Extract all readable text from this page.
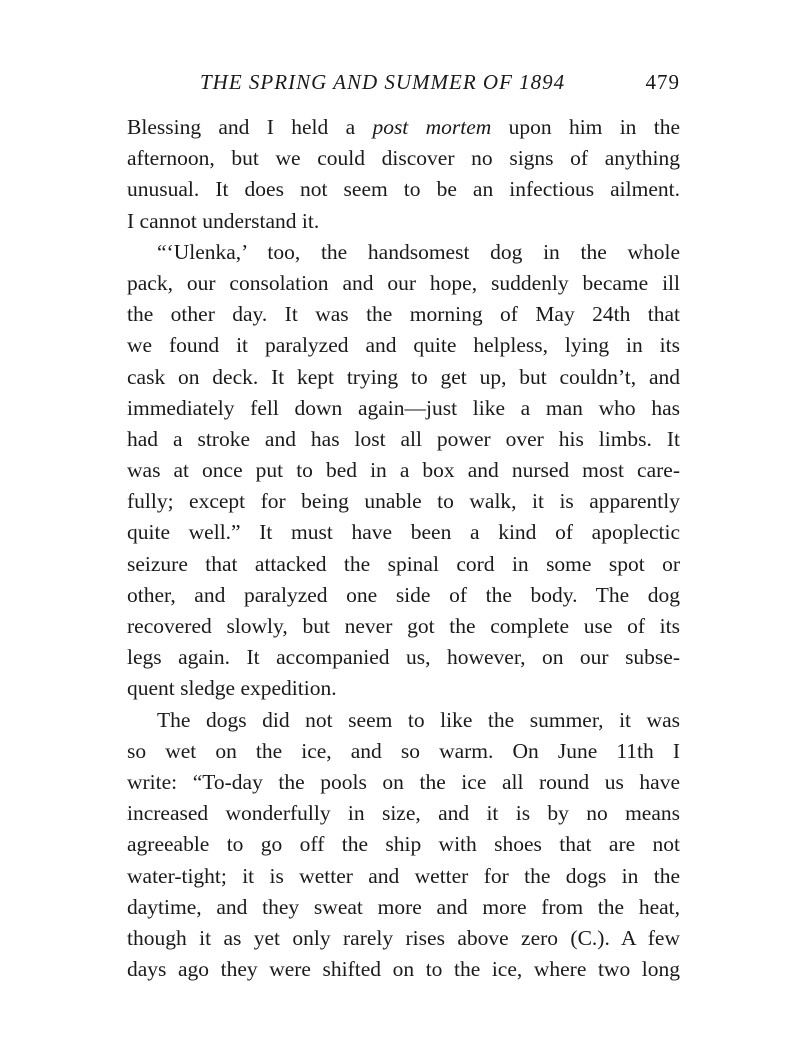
THE SPRING AND SUMMER OF 1894	479
Blessing and I held a post mortem upon him in the
afternoon, but we could discover no signs of anything
unusual. It does not seem to be an infectious ailment.
I cannot understand it.
“‘Ulenka,’ too, the handsomest dog in the whole
pack, our consolation and our hope, suddenly became ill
the other day. It was the morning of May 24th that
we found it paralyzed and quite helpless, lying in its
cask on deck. It kept trying to get up, but couldn’t, and
immediately fell down again—just like a man who has
had a stroke and has lost all power over his limbs. It
was at once put to bed in a box and nursed most care-
fully; except for being unable to walk, it is apparently
quite well.” It must have been a kind of apoplectic
seizure that attacked the spinal cord in some spot or
other, and paralyzed one side of the body. The dog
recovered slowly, but never got the complete use of its
legs again. It accompanied us, however, on our subse-
quent sledge expedition.
The dogs did not seem to like the summer, it was
so wet on the ice, and so warm. On June 11th I
write: “To-day the pools on the ice all round us have
increased wonderfully in size, and it is by no means
agreeable to go off the ship with shoes that are not
water-tight; it is wetter and wetter for the dogs in the
daytime, and they sweat more and more from the heat,
though it as yet only rarely rises above zero (C.). A few
days ago they were shifted on to the ice, where two long
